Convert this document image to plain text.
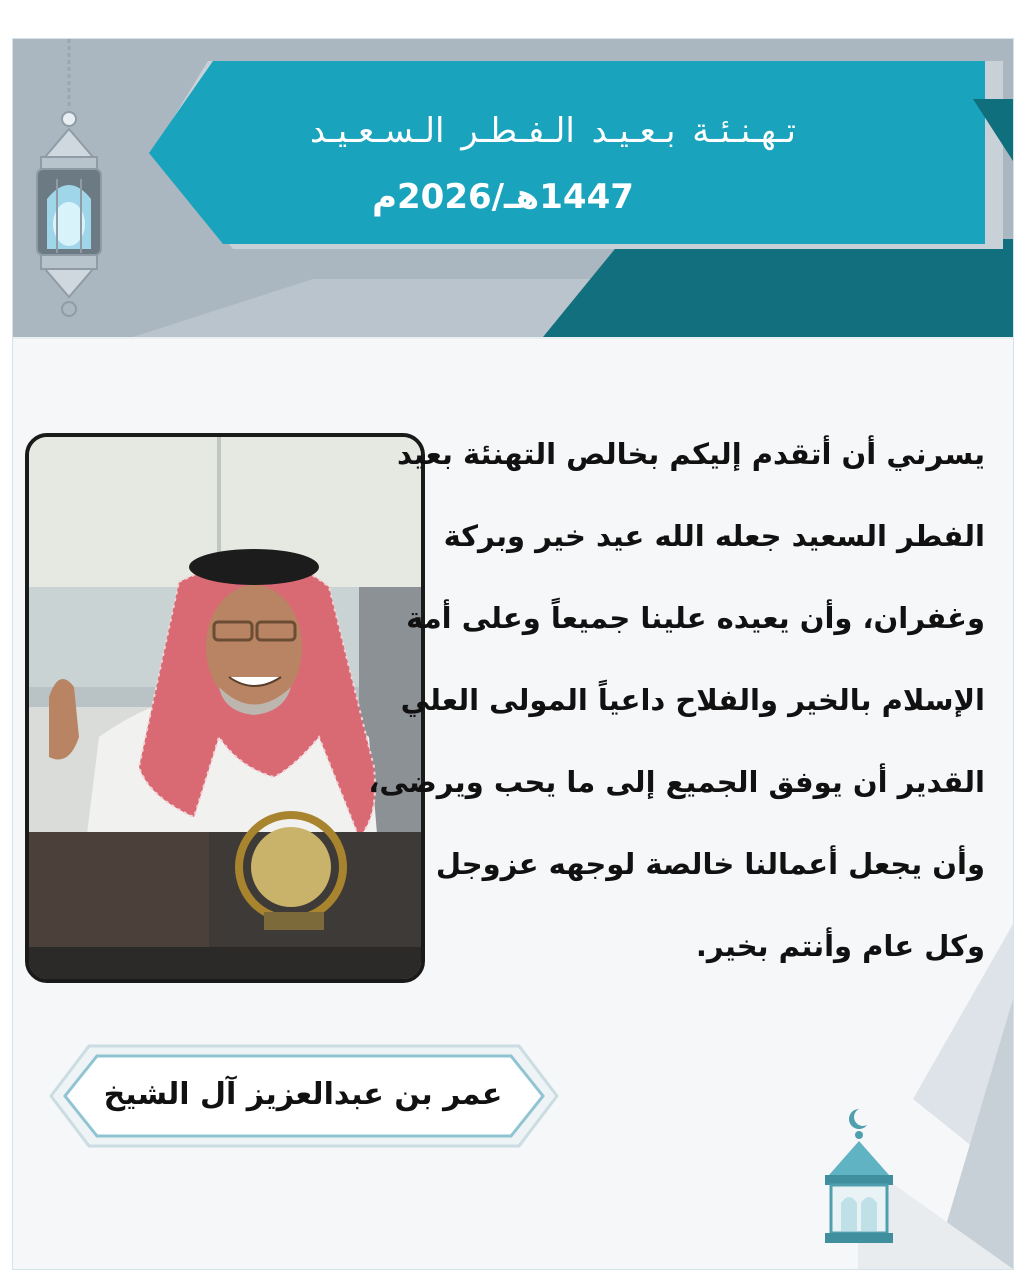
تـهـنـئـة بـعـيـد الـفـطـر الـسـعـيـد
1447هـ/2026م
يسرني أن أتقدم إليكم بخالص التهنئة بعيد
الفطر السعيد جعله الله عيد خير وبركة
وغفران، وأن يعيده علينا جميعاً وعلى أمة
الإسلام بالخير والفلاح داعياً المولى العلي
القدير أن يوفق الجميع إلى ما يحب ويرضى،
وأن يجعل أعمالنا خالصة لوجهه عزوجل
وكل عام وأنتم بخير.
عمر بن عبدالعزيز آل الشيخ
